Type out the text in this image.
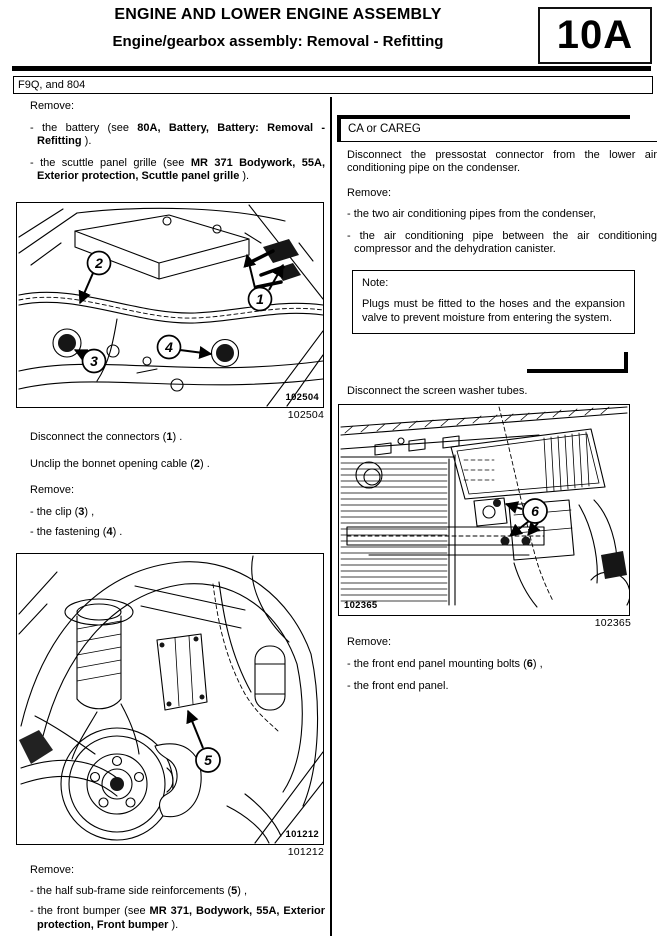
ENGINE AND LOWER ENGINE ASSEMBLY
Engine/gearbox assembly: Removal - Refitting	10A
F9Q, and 804
Remove:
- the battery (see 80A, Battery, Battery: Removal - Refitting ).
- the scuttle panel grille (see MR 371 Bodywork, 55A, Exterior protection, Scuttle panel grille ).
2
1
3
4
102504
102504
Disconnect the connectors (1) .
Unclip the bonnet opening cable (2) .
Remove:
- the clip (3) ,
- the fastening (4) .
5
101212
101212
Remove:
- the half sub-frame side reinforcements (5) ,
- the front bumper (see MR 371, Bodywork, 55A, Exterior protection, Front bumper ).
CA or CAREG
Disconnect the pressostat connector from the lower air conditioning pipe on the condenser.
Remove:
- the two air conditioning pipes from the condenser,
- the air conditioning pipe between the air conditioning compressor and the dehydration canister.
Note:
Plugs must be fitted to the hoses and the expansion valve to prevent moisture from entering the system.
Disconnect the screen washer tubes.
6
102365
102365
Remove:
- the front end panel mounting bolts (6) ,
- the front end panel.
